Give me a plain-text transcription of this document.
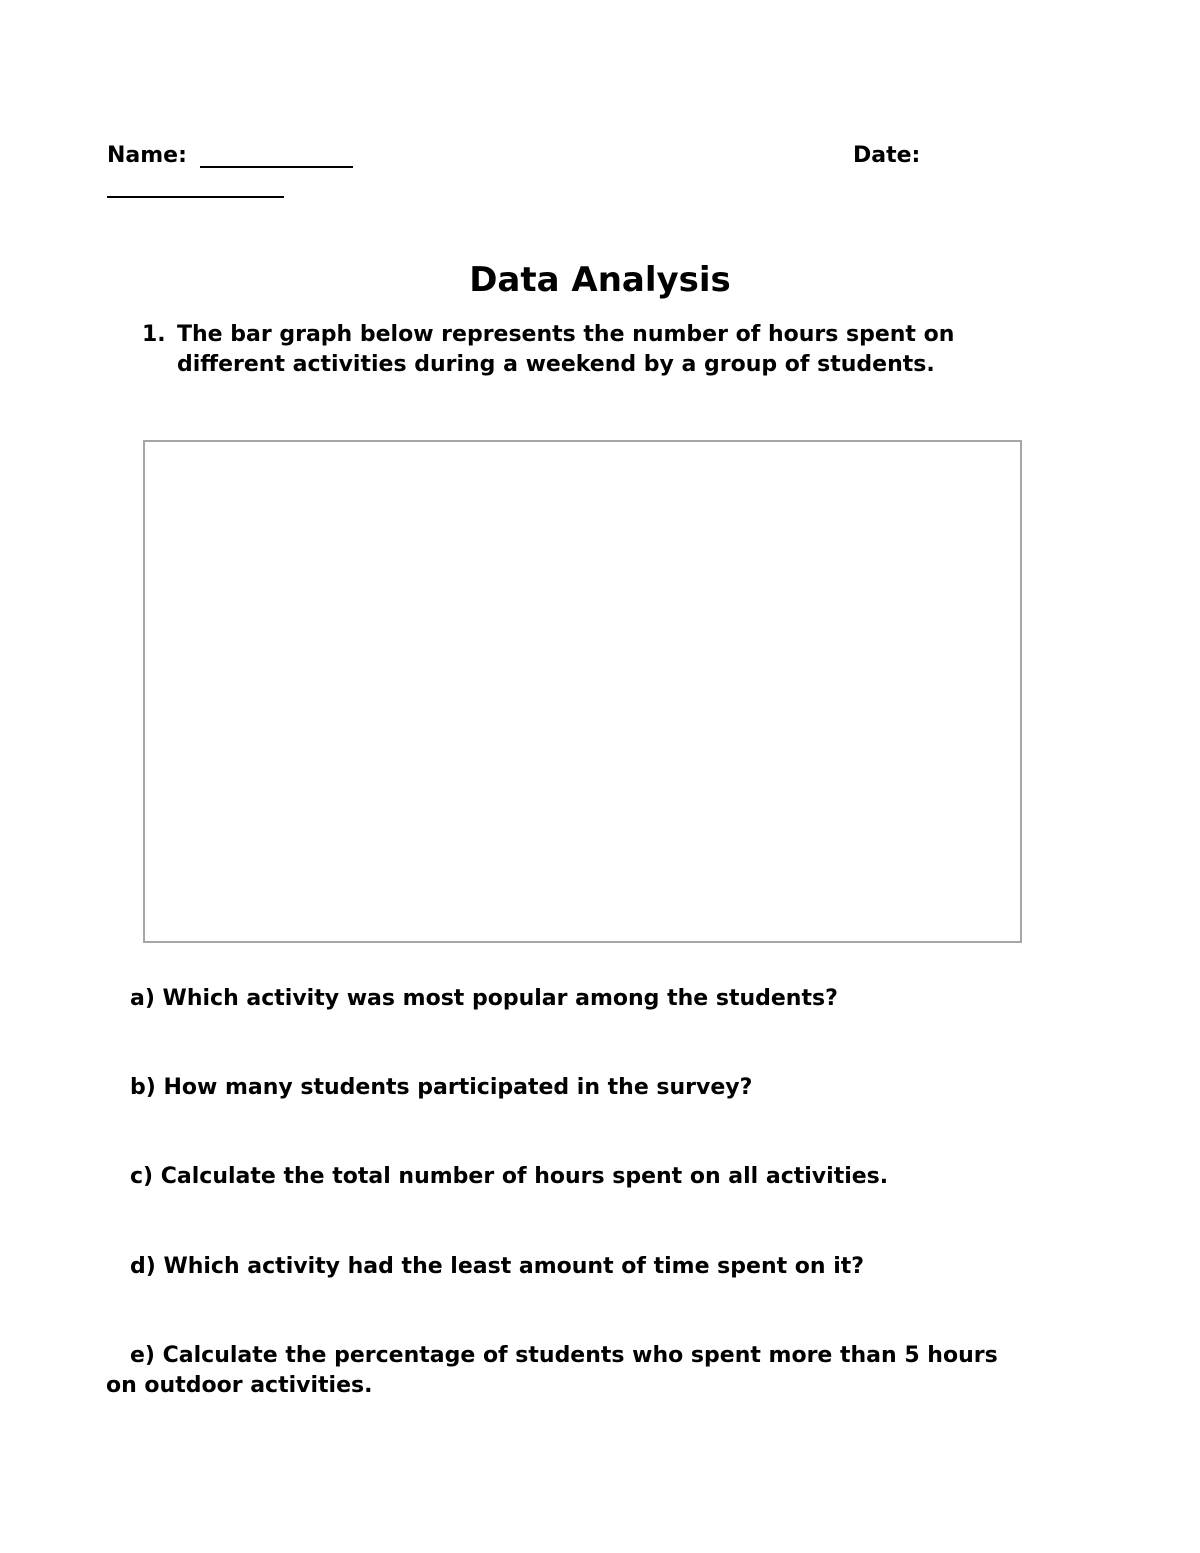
Name:	Date:
Data Analysis
1. The bar graph below represents the number of hours spent on
different activities during a weekend by a group of students.
a) Which activity was most popular among the students?
b) How many students participated in the survey?
c) Calculate the total number of hours spent on all activities.
d) Which activity had the least amount of time spent on it?
e) Calculate the percentage of students who spent more than 5 hours
on outdoor activities.
